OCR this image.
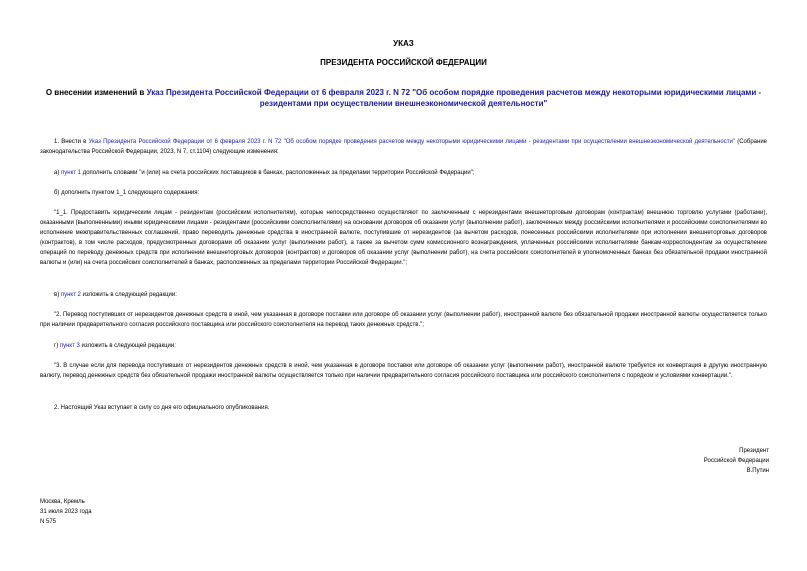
УКАЗ
ПРЕЗИДЕНТА РОССИЙСКОЙ ФЕДЕРАЦИИ
О внесении изменений в Указ Президента Российской Федерации от 6 февраля 2023 г. N 72 "Об особом порядке проведения расчетов между некоторыми юридическими лицами - резидентами при осуществлении внешнеэкономической деятельности"
1. Внести в Указ Президента Российской Федерации от 6 февраля 2023 г. N 72 "Об особом порядке проведения расчетов между некоторыми юридическими лицами - резидентами при осуществлении внешнеэкономической деятельности" (Собрание законодательства Российской Федерации, 2023, N 7, ст.1104) следующие изменения:
а) пункт 1 дополнить словами "и (или) на счета российских поставщиков в банках, расположенных за пределами территории Российской Федерации";
б) дополнить пунктом 1_1 следующего содержания:
"1_1. Предоставить юридическим лицам - резидентам (российским исполнителям), которые непосредственно осуществляют по заключенным с нерезидентами внешнеторговым договорам (контрактам) внешнюю торговлю услугами (работами), оказанными (выполненными) иными юридическими лицами - резидентами (российскими соисполнителями) на основании договоров об оказании услуг (выполнении работ), заключенных между российскими исполнителями и российскими соисполнителями во исполнение межправительственных соглашений, право переводить денежные средства в иностранной валюте, поступившие от нерезидентов (за вычетом расходов, понесенных российскими исполнителями при исполнении внешнеторговых договоров (контрактов), в том числе расходов, предусмотренных договорами об оказании услуг (выполнении работ), а также за вычетом сумм комиссионного вознаграждения, уплаченных российскими исполнителями банкам-корреспондентам за осуществление операций по переводу денежных средств при исполнении внешнеторговых договоров (контрактов) и договоров об оказании услуг (выполнении работ), на счета российских соисполнителей в уполномоченных банках без обязательной продажи иностранной валюты и (или) на счета российских соисполнителей в банках, расположенных за пределами территории Российской Федерации.";
в) пункт 2 изложить в следующей редакции:
"2. Перевод поступивших от нерезидентов денежных средств в иной, чем указанная в договоре поставки или договоре об оказании услуг (выполнении работ), иностранной валюте без обязательной продажи иностранной валюты осуществляется только при наличии предварительного согласия российского поставщика или российского соисполнителя на перевод таких денежных средств.";
г) пункт 3 изложить в следующей редакции:
"3. В случае если для перевода поступивших от нерезидентов денежных средств в иной, чем указанная в договоре поставки или договоре об оказании услуг (выполнении работ), иностранной валюте требуется их конвертация в другую иностранную валюту, перевод денежных средств без обязательной продажи иностранной валюты осуществляется только при наличии предварительного согласия российского поставщика или российского соисполнителя с порядком и условиями конвертации.".
2. Настоящий Указ вступает в силу со дня его официального опубликования.
Президент
Российской Федерации
В.Путин
Москва, Кремль
31 июля 2023 года
N 575
